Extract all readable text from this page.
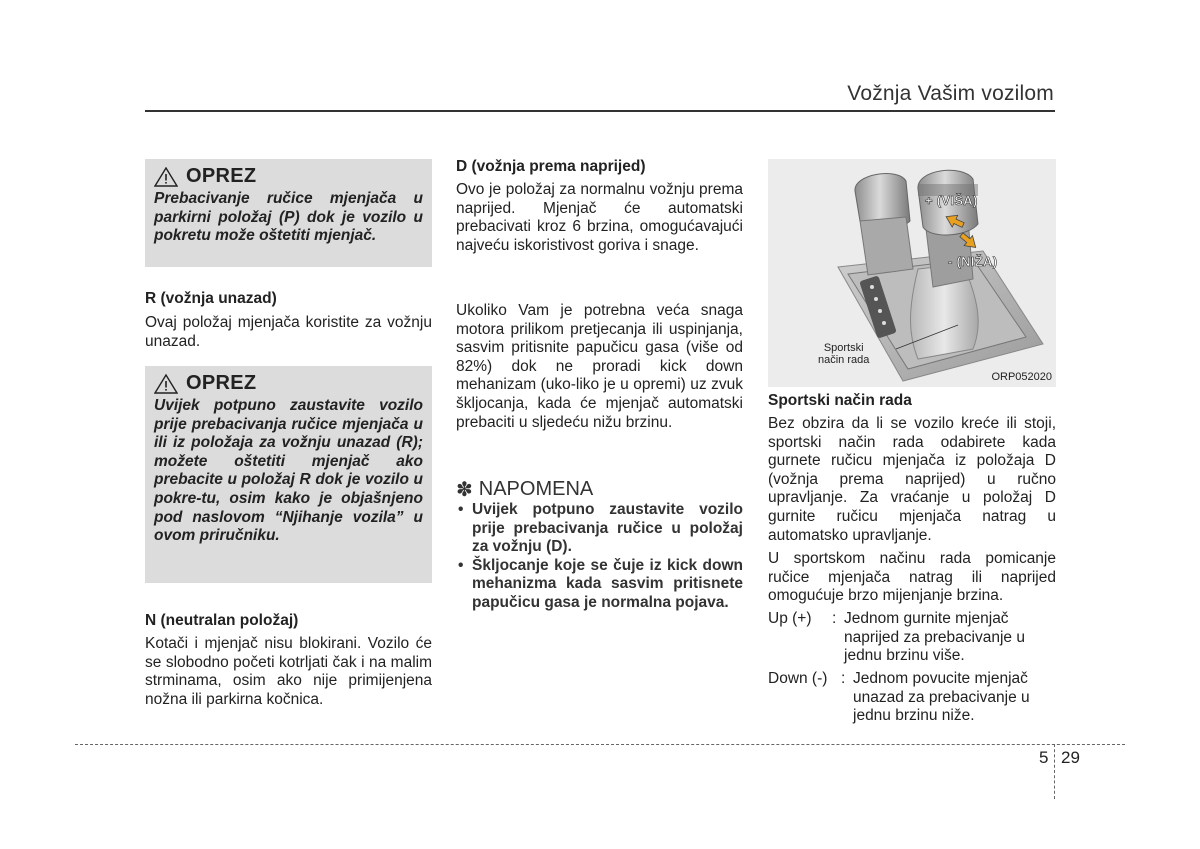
Vožnja Vašim vozilom
OPREZ
Prebacivanje ručice mjenjača u parkirni položaj (P) dok je vozilo u pokretu može oštetiti mjenjač.
R (vožnja unazad)
Ovaj položaj mjenjača koristite za vožnju unazad.
OPREZ
Uvijek potpuno zaustavite vozilo prije prebacivanja ručice mjenjača u ili iz položaja za vožnju unazad (R); možete oštetiti mjenjač ako prebacite u položaj R dok je vozilo u pokre-tu, osim kako je objašnjeno pod naslovom “Njihanje vozila” u ovom priručniku.
N (neutralan položaj)
Kotači i mjenjač nisu blokirani. Vozilo će se slobodno početi kotrljati čak i na malim strminama, osim ako nije primijenjena nožna ili parkirna kočnica.
D (vožnja prema naprijed)
Ovo je položaj za normalnu vožnju prema naprijed. Mjenjač će automatski prebacivati kroz 6 brzina, omogućavajući najveću iskoristivost goriva i snage.
Ukoliko Vam je potrebna veća snaga motora prilikom pretjecanja ili uspinjanja, sasvim pritisnite papučicu gasa (više od 82%) dok ne proradi kick down mehanizam (uko-liko je u opremi) uz zvuk škljocanja, kada će mjenjač automatski prebaciti u sljedeću nižu brzinu.
✽ NAPOMENA
• Uvijek potpuno zaustavite vozilo prije prebacivanja ručice u položaj za vožnju (D).
• Škljocanje koje se čuje iz kick down mehanizma kada sasvim pritisnete papučicu gasa je normalna pojava.
+ (VIŠA)
- (NIŽA)
Sportski
način rada
ORP052020
Sportski način rada
Bez obzira da li se vozilo kreće ili stoji, sportski način rada odabirete kada gurnete ručicu mjenjača iz položaja D (vožnja prema naprijed) u ručno upravljanje. Za vraćanje u položaj D gurnite ručicu mjenjača natrag u automatsko upravljanje.
U sportskom načinu rada pomicanje ručice mjenjača natrag ili naprijed omogućuje brzo mijenjanje brzina.
Up (+) : Jednom gurnite mjenjač naprijed za prebacivanje u jednu brzinu više.
Down (-) : Jednom povucite mjenjač unazad za prebacivanje u jednu brzinu niže.
5 29
